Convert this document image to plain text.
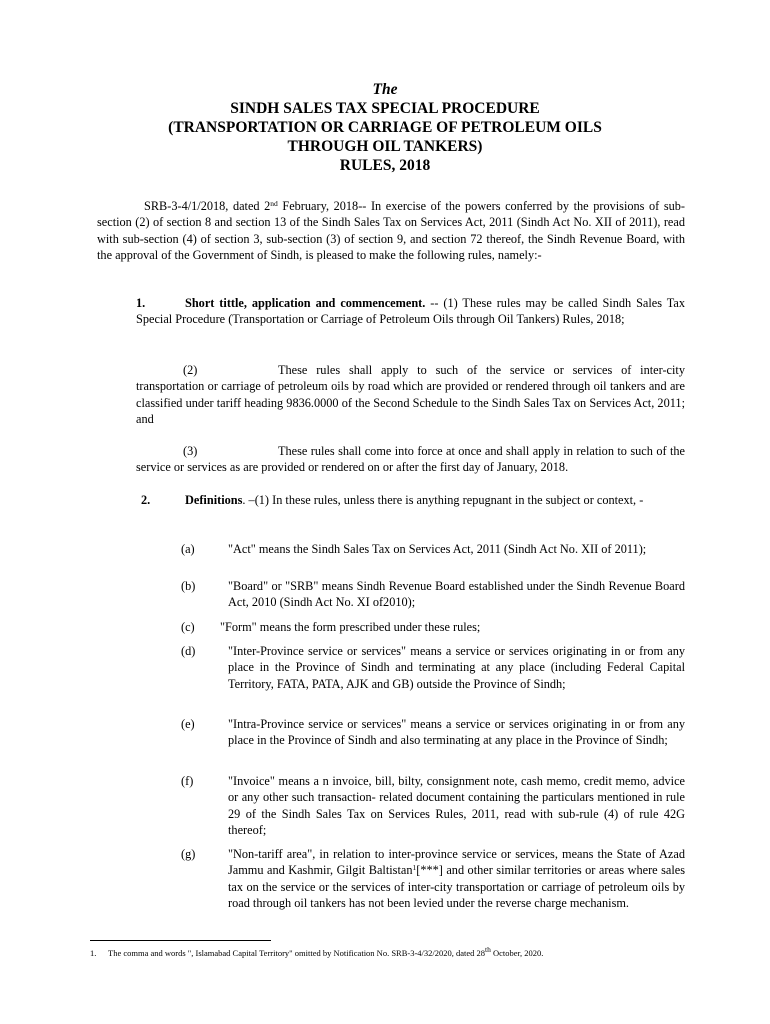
The
SINDH SALES TAX SPECIAL PROCEDURE
(TRANSPORTATION OR CARRIAGE OF PETROLEUM OILS
THROUGH OIL TANKERS)
RULES, 2018

SRB-3-4/1/2018, dated 2nd February, 2018-- In exercise of the powers conferred by the provisions of sub-section (2) of section 8 and section 13 of the Sindh Sales Tax on Services Act, 2011 (Sindh Act No. XII of 2011), read with sub-section (4) of section 3, sub-section (3) of section 9, and section 72 thereof, the Sindh Revenue Board, with the approval of the Government of Sindh, is pleased to make the following rules, namely:-

1.	Short tittle, application and commencement. -- (1) These rules may be called Sindh Sales Tax Special Procedure (Transportation or Carriage of Petroleum Oils through Oil Tankers) Rules, 2018;

(2)	These rules shall apply to such of the service or services of inter-city transportation or carriage of petroleum oils by road which are provided or rendered through oil tankers and are classified under tariff heading 9836.0000 of the Second Schedule to the Sindh Sales Tax on Services Act, 2011; and

(3)	These rules shall come into force at once and shall apply in relation to such of the service or services as are provided or rendered on or after the first day of January, 2018.

2.	Definitions. –(1) In these rules, unless there is anything repugnant in the subject or context, -

(a)	"Act" means the Sindh Sales Tax on Services Act, 2011 (Sindh Act No. XII of 2011);
(b)	"Board" or "SRB" means Sindh Revenue Board established under the Sindh Revenue Board Act, 2010 (Sindh Act No. XI of2010);
(c) "Form" means the form prescribed under these rules;
(d)	"Inter-Province service or services" means a service or services originating in or from any place in the Province of Sindh and terminating at any place (including Federal Capital Territory, FATA, PATA, AJK and GB) outside the Province of Sindh;
(e)	"Intra-Province service or services" means a service or services originating in or from any place in the Province of Sindh and also terminating at any place in the Province of Sindh;
(f)	"Invoice" means a n invoice, bill, bilty, consignment note, cash memo, credit memo, advice or any other such transaction- related document containing the particulars mentioned in rule 29 of the Sindh Sales Tax on Services Rules, 2011, read with sub-rule (4) of rule 42G thereof;
(g)	"Non-tariff area", in relation to inter-province service or services, means the State of Azad Jammu and Kashmir, Gilgit Baltistan$^1$[***] and other similar territories or areas where sales tax on the service or the services of inter-city transportation or carriage of petroleum oils by road through oil tankers has not been levied under the reverse charge mechanism.
1. The comma and words ", Islamabad Capital Territory" omitted by Notification No. SRB-3-4/32/2020, dated 28th October, 2020.
